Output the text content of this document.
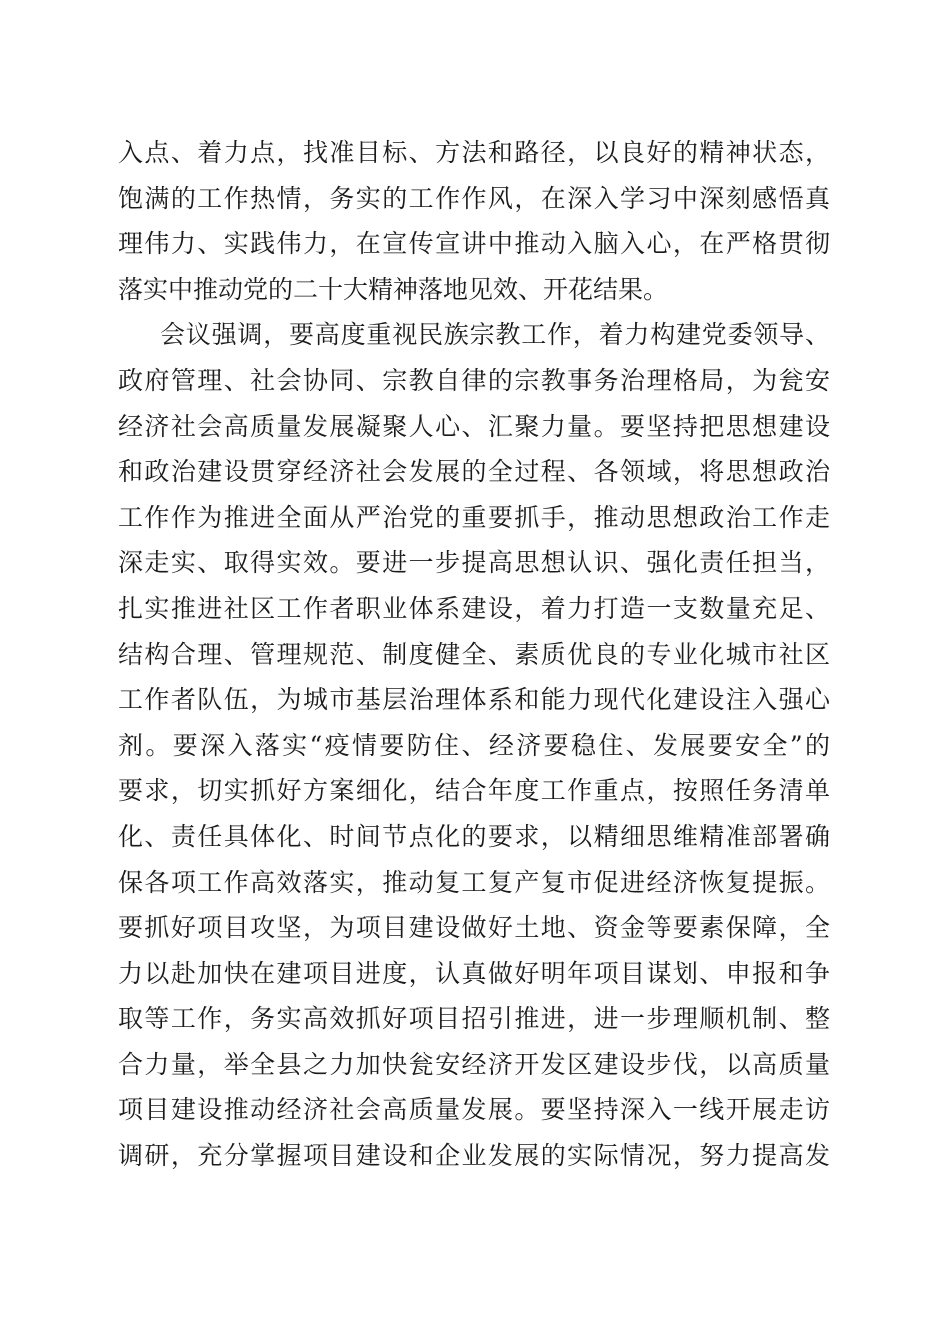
入点、着力点，找准目标、方法和路径，以良好的精神状态，
饱满的工作热情，务实的工作作风，在深入学习中深刻感悟真
理伟力、实践伟力，在宣传宣讲中推动入脑入心，在严格贯彻
落实中推动党的二十大精神落地见效、开花结果。
会议强调，要高度重视民族宗教工作，着力构建党委领导、
政府管理、社会协同、宗教自律的宗教事务治理格局，为瓮安
经济社会高质量发展凝聚人心、汇聚力量。要坚持把思想建设
和政治建设贯穿经济社会发展的全过程、各领域，将思想政治
工作作为推进全面从严治党的重要抓手，推动思想政治工作走
深走实、取得实效。要进一步提高思想认识、强化责任担当，
扎实推进社区工作者职业体系建设，着力打造一支数量充足、
结构合理、管理规范、制度健全、素质优良的专业化城市社区
工作者队伍，为城市基层治理体系和能力现代化建设注入强心
剂。要深入落实“疫情要防住、经济要稳住、发展要安全”的
要求，切实抓好方案细化，结合年度工作重点，按照任务清单
化、责任具体化、时间节点化的要求，以精细思维精准部署确
保各项工作高效落实，推动复工复产复市促进经济恢复提振。
要抓好项目攻坚，为项目建设做好土地、资金等要素保障，全
力以赴加快在建项目进度，认真做好明年项目谋划、申报和争
取等工作，务实高效抓好项目招引推进，进一步理顺机制、整
合力量，举全县之力加快瓮安经济开发区建设步伐，以高质量
项目建设推动经济社会高质量发展。要坚持深入一线开展走访
调研，充分掌握项目建设和企业发展的实际情况，努力提高发
